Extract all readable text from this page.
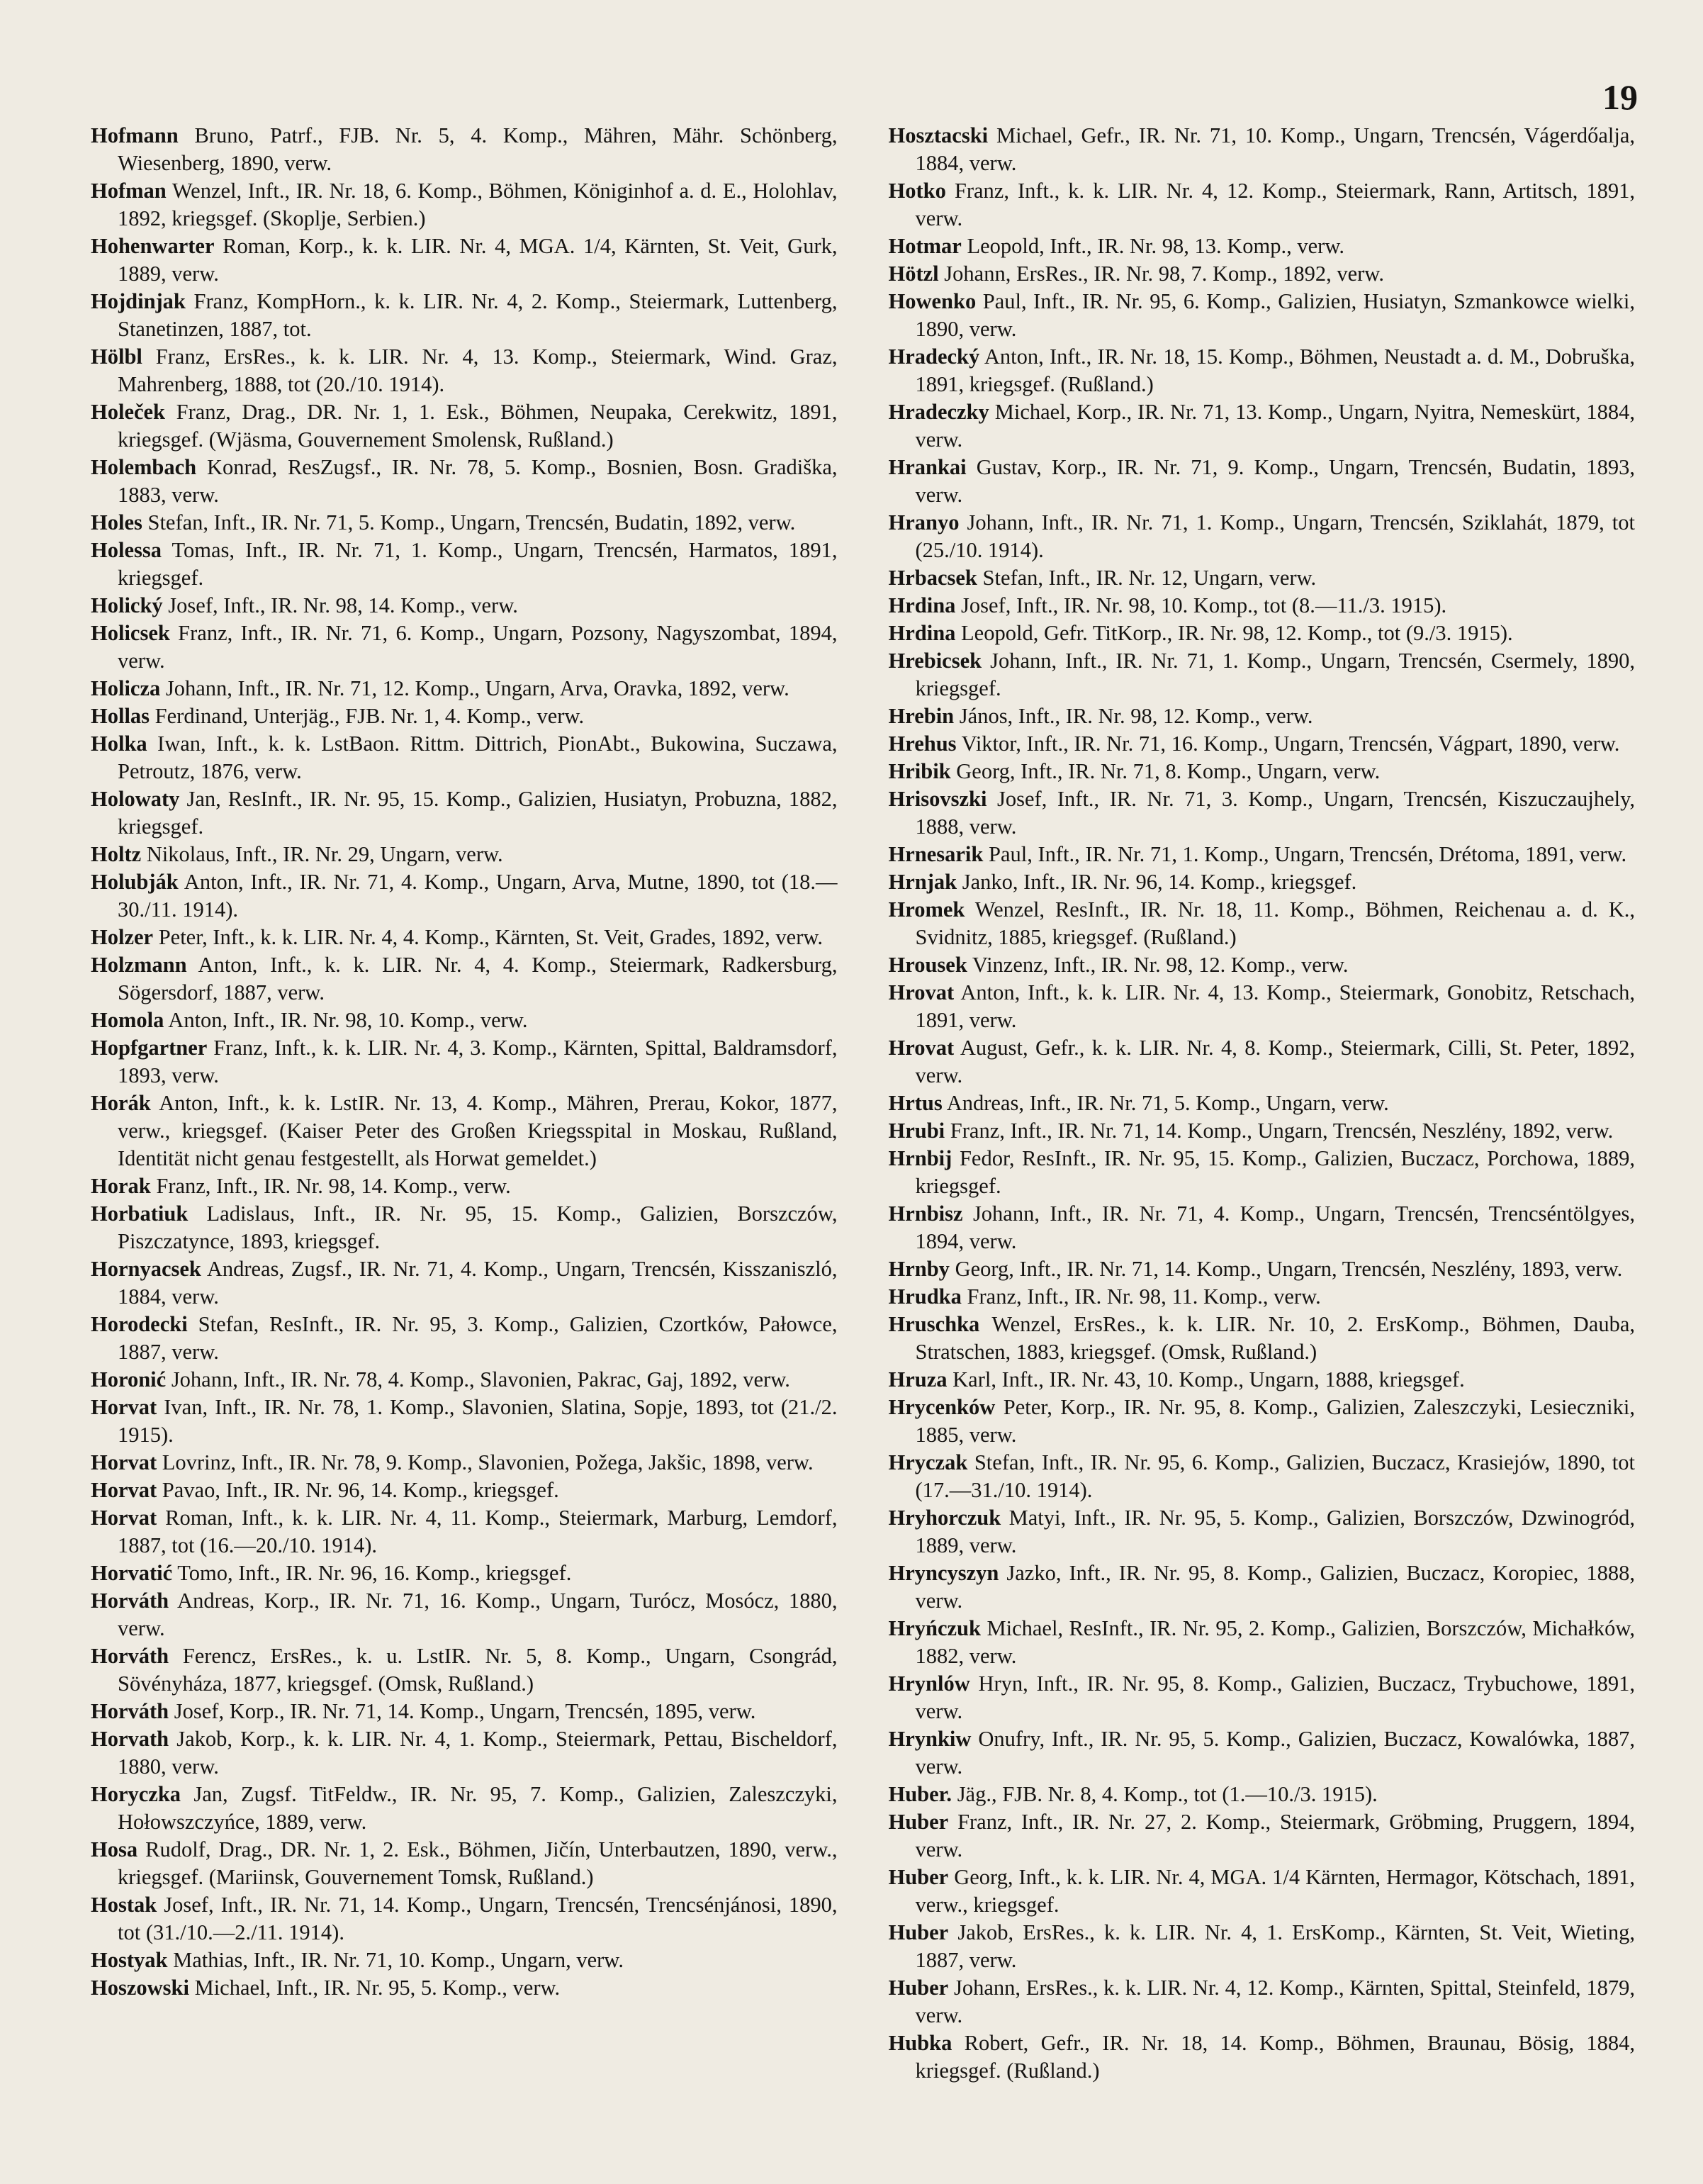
19

Hofmann Bruno, Patrf., FJB. Nr. 5, 4. Komp., Mähren, Mähr. Schönberg, Wiesenberg, 1890, verw.

Hofman Wenzel, Inft., IR. Nr. 18, 6. Komp., Böhmen, Königinhof a. d. E., Holohlav, 1892, kriegsgef. (Skoplje, Serbien.)

Hohenwarter Roman, Korp., k. k. LIR. Nr. 4, MGA. 1/4, Kärnten, St. Veit, Gurk, 1889, verw.

Hojdinjak Franz, KompHorn., k. k. LIR. Nr. 4, 2. Komp., Steiermark, Luttenberg, Stanetinzen, 1887, tot.

Hölbl Franz, ErsRes., k. k. LIR. Nr. 4, 13. Komp., Steiermark, Wind. Graz, Mahrenberg, 1888, tot (20./10. 1914).

Holeček Franz, Drag., DR. Nr. 1, 1. Esk., Böhmen, Neupaka, Cerekwitz, 1891, kriegsgef. (Wjäsma, Gouvernement Smolensk, Rußland.)

Holembach Konrad, ResZugsf., IR. Nr. 78, 5. Komp., Bosnien, Bosn. Gradiška, 1883, verw.

Holes Stefan, Inft., IR. Nr. 71, 5. Komp., Ungarn, Trencsén, Budatin, 1892, verw.

Holessa Tomas, Inft., IR. Nr. 71, 1. Komp., Ungarn, Trencsén, Harmatos, 1891, kriegsgef.

Holický Josef, Inft., IR. Nr. 98, 14. Komp., verw.

Holicsek Franz, Inft., IR. Nr. 71, 6. Komp., Ungarn, Pozsony, Nagyszombat, 1894, verw.

Holicza Johann, Inft., IR. Nr. 71, 12. Komp., Ungarn, Arva, Oravka, 1892, verw.

Hollas Ferdinand, Unterjäg., FJB. Nr. 1, 4. Komp., verw.

Holka Iwan, Inft., k. k. LstBaon. Rittm. Dittrich, PionAbt., Bukowina, Suczawa, Petroutz, 1876, verw.

Holowaty Jan, ResInft., IR. Nr. 95, 15. Komp., Galizien, Husiatyn, Probuzna, 1882, kriegsgef.

Holtz Nikolaus, Inft., IR. Nr. 29, Ungarn, verw.

Holubják Anton, Inft., IR. Nr. 71, 4. Komp., Ungarn, Arva, Mutne, 1890, tot (18.—30./11. 1914).

Holzer Peter, Inft., k. k. LIR. Nr. 4, 4. Komp., Kärnten, St. Veit, Grades, 1892, verw.

Holzmann Anton, Inft., k. k. LIR. Nr. 4, 4. Komp., Steiermark, Radkersburg, Sögersdorf, 1887, verw.

Homola Anton, Inft., IR. Nr. 98, 10. Komp., verw.

Hopfgartner Franz, Inft., k. k. LIR. Nr. 4, 3. Komp., Kärnten, Spittal, Baldramsdorf, 1893, verw.

Horák Anton, Inft., k. k. LstIR. Nr. 13, 4. Komp., Mähren, Prerau, Kokor, 1877, verw., kriegsgef. (Kaiser Peter des Großen Kriegsspital in Moskau, Rußland, Identität nicht genau festgestellt, als Horwat gemeldet.)

Horak Franz, Inft., IR. Nr. 98, 14. Komp., verw.

Horbatiuk Ladislaus, Inft., IR. Nr. 95, 15. Komp., Galizien, Borszczów, Piszczatynce, 1893, kriegsgef.

Hornyacsek Andreas, Zugsf., IR. Nr. 71, 4. Komp., Ungarn, Trencsén, Kisszaniszló, 1884, verw.

Horodecki Stefan, ResInft., IR. Nr. 95, 3. Komp., Galizien, Czortków, Pałowce, 1887, verw.

Horonić Johann, Inft., IR. Nr. 78, 4. Komp., Slavonien, Pakrac, Gaj, 1892, verw.

Horvat Ivan, Inft., IR. Nr. 78, 1. Komp., Slavonien, Slatina, Sopje, 1893, tot (21./2. 1915).

Horvat Lovrinz, Inft., IR. Nr. 78, 9. Komp., Slavonien, Požega, Jakšic, 1898, verw.

Horvat Pavao, Inft., IR. Nr. 96, 14. Komp., kriegsgef.

Horvat Roman, Inft., k. k. LIR. Nr. 4, 11. Komp., Steiermark, Marburg, Lemdorf, 1887, tot (16.—20./10. 1914).

Horvatić Tomo, Inft., IR. Nr. 96, 16. Komp., kriegsgef.

Horváth Andreas, Korp., IR. Nr. 71, 16. Komp., Ungarn, Turócz, Mosócz, 1880, verw.

Horváth Ferencz, ErsRes., k. u. LstIR. Nr. 5, 8. Komp., Ungarn, Csongrád, Sövényháza, 1877, kriegsgef. (Omsk, Rußland.)

Horváth Josef, Korp., IR. Nr. 71, 14. Komp., Ungarn, Trencsén, 1895, verw.

Horvath Jakob, Korp., k. k. LIR. Nr. 4, 1. Komp., Steiermark, Pettau, Bischeldorf, 1880, verw.

Horyczka Jan, Zugsf. TitFeldw., IR. Nr. 95, 7. Komp., Galizien, Zaleszczyki, Hołowszczyńce, 1889, verw.

Hosa Rudolf, Drag., DR. Nr. 1, 2. Esk., Böhmen, Jičín, Unterbautzen, 1890, verw., kriegsgef. (Mariinsk, Gouvernement Tomsk, Rußland.)

Hostak Josef, Inft., IR. Nr. 71, 14. Komp., Ungarn, Trencsén, Trencsénjánosi, 1890, tot (31./10.—2./11. 1914).

Hostyak Mathias, Inft., IR. Nr. 71, 10. Komp., Ungarn, verw.

Hoszowski Michael, Inft., IR. Nr. 95, 5. Komp., verw.

Hosztacski Michael, Gefr., IR. Nr. 71, 10. Komp., Ungarn, Trencsén, Vágerdőalja, 1884, verw.

Hotko Franz, Inft., k. k. LIR. Nr. 4, 12. Komp., Steiermark, Rann, Artitsch, 1891, verw.

Hotmar Leopold, Inft., IR. Nr. 98, 13. Komp., verw.

Hötzl Johann, ErsRes., IR. Nr. 98, 7. Komp., 1892, verw.

Howenko Paul, Inft., IR. Nr. 95, 6. Komp., Galizien, Husiatyn, Szmankowce wielki, 1890, verw.

Hradecký Anton, Inft., IR. Nr. 18, 15. Komp., Böhmen, Neustadt a. d. M., Dobruška, 1891, kriegsgef. (Rußland.)

Hradeczky Michael, Korp., IR. Nr. 71, 13. Komp., Ungarn, Nyitra, Nemeskürt, 1884, verw.

Hrankai Gustav, Korp., IR. Nr. 71, 9. Komp., Ungarn, Trencsén, Budatin, 1893, verw.

Hranyo Johann, Inft., IR. Nr. 71, 1. Komp., Ungarn, Trencsén, Sziklahát, 1879, tot (25./10. 1914).

Hrbacsek Stefan, Inft., IR. Nr. 12, Ungarn, verw.

Hrdina Josef, Inft., IR. Nr. 98, 10. Komp., tot (8.—11./3. 1915).

Hrdina Leopold, Gefr. TitKorp., IR. Nr. 98, 12. Komp., tot (9./3. 1915).

Hrebicsek Johann, Inft., IR. Nr. 71, 1. Komp., Ungarn, Trencsén, Csermely, 1890, kriegsgef.

Hrebin János, Inft., IR. Nr. 98, 12. Komp., verw.

Hrehus Viktor, Inft., IR. Nr. 71, 16. Komp., Ungarn, Trencsén, Vágpart, 1890, verw.

Hribik Georg, Inft., IR. Nr. 71, 8. Komp., Ungarn, verw.

Hrisovszki Josef, Inft., IR. Nr. 71, 3. Komp., Ungarn, Trencsén, Kiszuczaujhely, 1888, verw.

Hrnesarik Paul, Inft., IR. Nr. 71, 1. Komp., Ungarn, Trencsén, Drétoma, 1891, verw.

Hrnjak Janko, Inft., IR. Nr. 96, 14. Komp., kriegsgef.

Hromek Wenzel, ResInft., IR. Nr. 18, 11. Komp., Böhmen, Reichenau a. d. K., Svidnitz, 1885, kriegsgef. (Rußland.)

Hrousek Vinzenz, Inft., IR. Nr. 98, 12. Komp., verw.

Hrovat Anton, Inft., k. k. LIR. Nr. 4, 13. Komp., Steiermark, Gonobitz, Retschach, 1891, verw.

Hrovat August, Gefr., k. k. LIR. Nr. 4, 8. Komp., Steiermark, Cilli, St. Peter, 1892, verw.

Hrtus Andreas, Inft., IR. Nr. 71, 5. Komp., Ungarn, verw.

Hrubi Franz, Inft., IR. Nr. 71, 14. Komp., Ungarn, Trencsén, Neszlény, 1892, verw.

Hrnbij Fedor, ResInft., IR. Nr. 95, 15. Komp., Galizien, Buczacz, Porchowa, 1889, kriegsgef.

Hrnbisz Johann, Inft., IR. Nr. 71, 4. Komp., Ungarn, Trencsén, Trencséntölgyes, 1894, verw.

Hrnby Georg, Inft., IR. Nr. 71, 14. Komp., Ungarn, Trencsén, Neszlény, 1893, verw.

Hrudka Franz, Inft., IR. Nr. 98, 11. Komp., verw.

Hruschka Wenzel, ErsRes., k. k. LIR. Nr. 10, 2. ErsKomp., Böhmen, Dauba, Stratschen, 1883, kriegsgef. (Omsk, Rußland.)

Hruza Karl, Inft., IR. Nr. 43, 10. Komp., Ungarn, 1888, kriegsgef.

Hrycenków Peter, Korp., IR. Nr. 95, 8. Komp., Galizien, Zaleszczyki, Lesieczniki, 1885, verw.

Hryczak Stefan, Inft., IR. Nr. 95, 6. Komp., Galizien, Buczacz, Krasiejów, 1890, tot (17.—31./10. 1914).

Hryhorczuk Matyi, Inft., IR. Nr. 95, 5. Komp., Galizien, Borszczów, Dzwinogród, 1889, verw.

Hryncyszyn Jazko, Inft., IR. Nr. 95, 8. Komp., Galizien, Buczacz, Koropiec, 1888, verw.

Hryńczuk Michael, ResInft., IR. Nr. 95, 2. Komp., Galizien, Borszczów, Michałków, 1882, verw.

Hrynlów Hryn, Inft., IR. Nr. 95, 8. Komp., Galizien, Buczacz, Trybuchowe, 1891, verw.

Hrynkiw Onufry, Inft., IR. Nr. 95, 5. Komp., Galizien, Buczacz, Kowalówka, 1887, verw.

Huber. Jäg., FJB. Nr. 8, 4. Komp., tot (1.—10./3. 1915).

Huber Franz, Inft., IR. Nr. 27, 2. Komp., Steiermark, Gröbming, Pruggern, 1894, verw.

Huber Georg, Inft., k. k. LIR. Nr. 4, MGA. 1/4 Kärnten, Hermagor, Kötschach, 1891, verw., kriegsgef.

Huber Jakob, ErsRes., k. k. LIR. Nr. 4, 1. ErsKomp., Kärnten, St. Veit, Wieting, 1887, verw.

Huber Johann, ErsRes., k. k. LIR. Nr. 4, 12. Komp., Kärnten, Spittal, Steinfeld, 1879, verw.

Hubka Robert, Gefr., IR. Nr. 18, 14. Komp., Böhmen, Braunau, Bösig, 1884, kriegsgef. (Rußland.)
